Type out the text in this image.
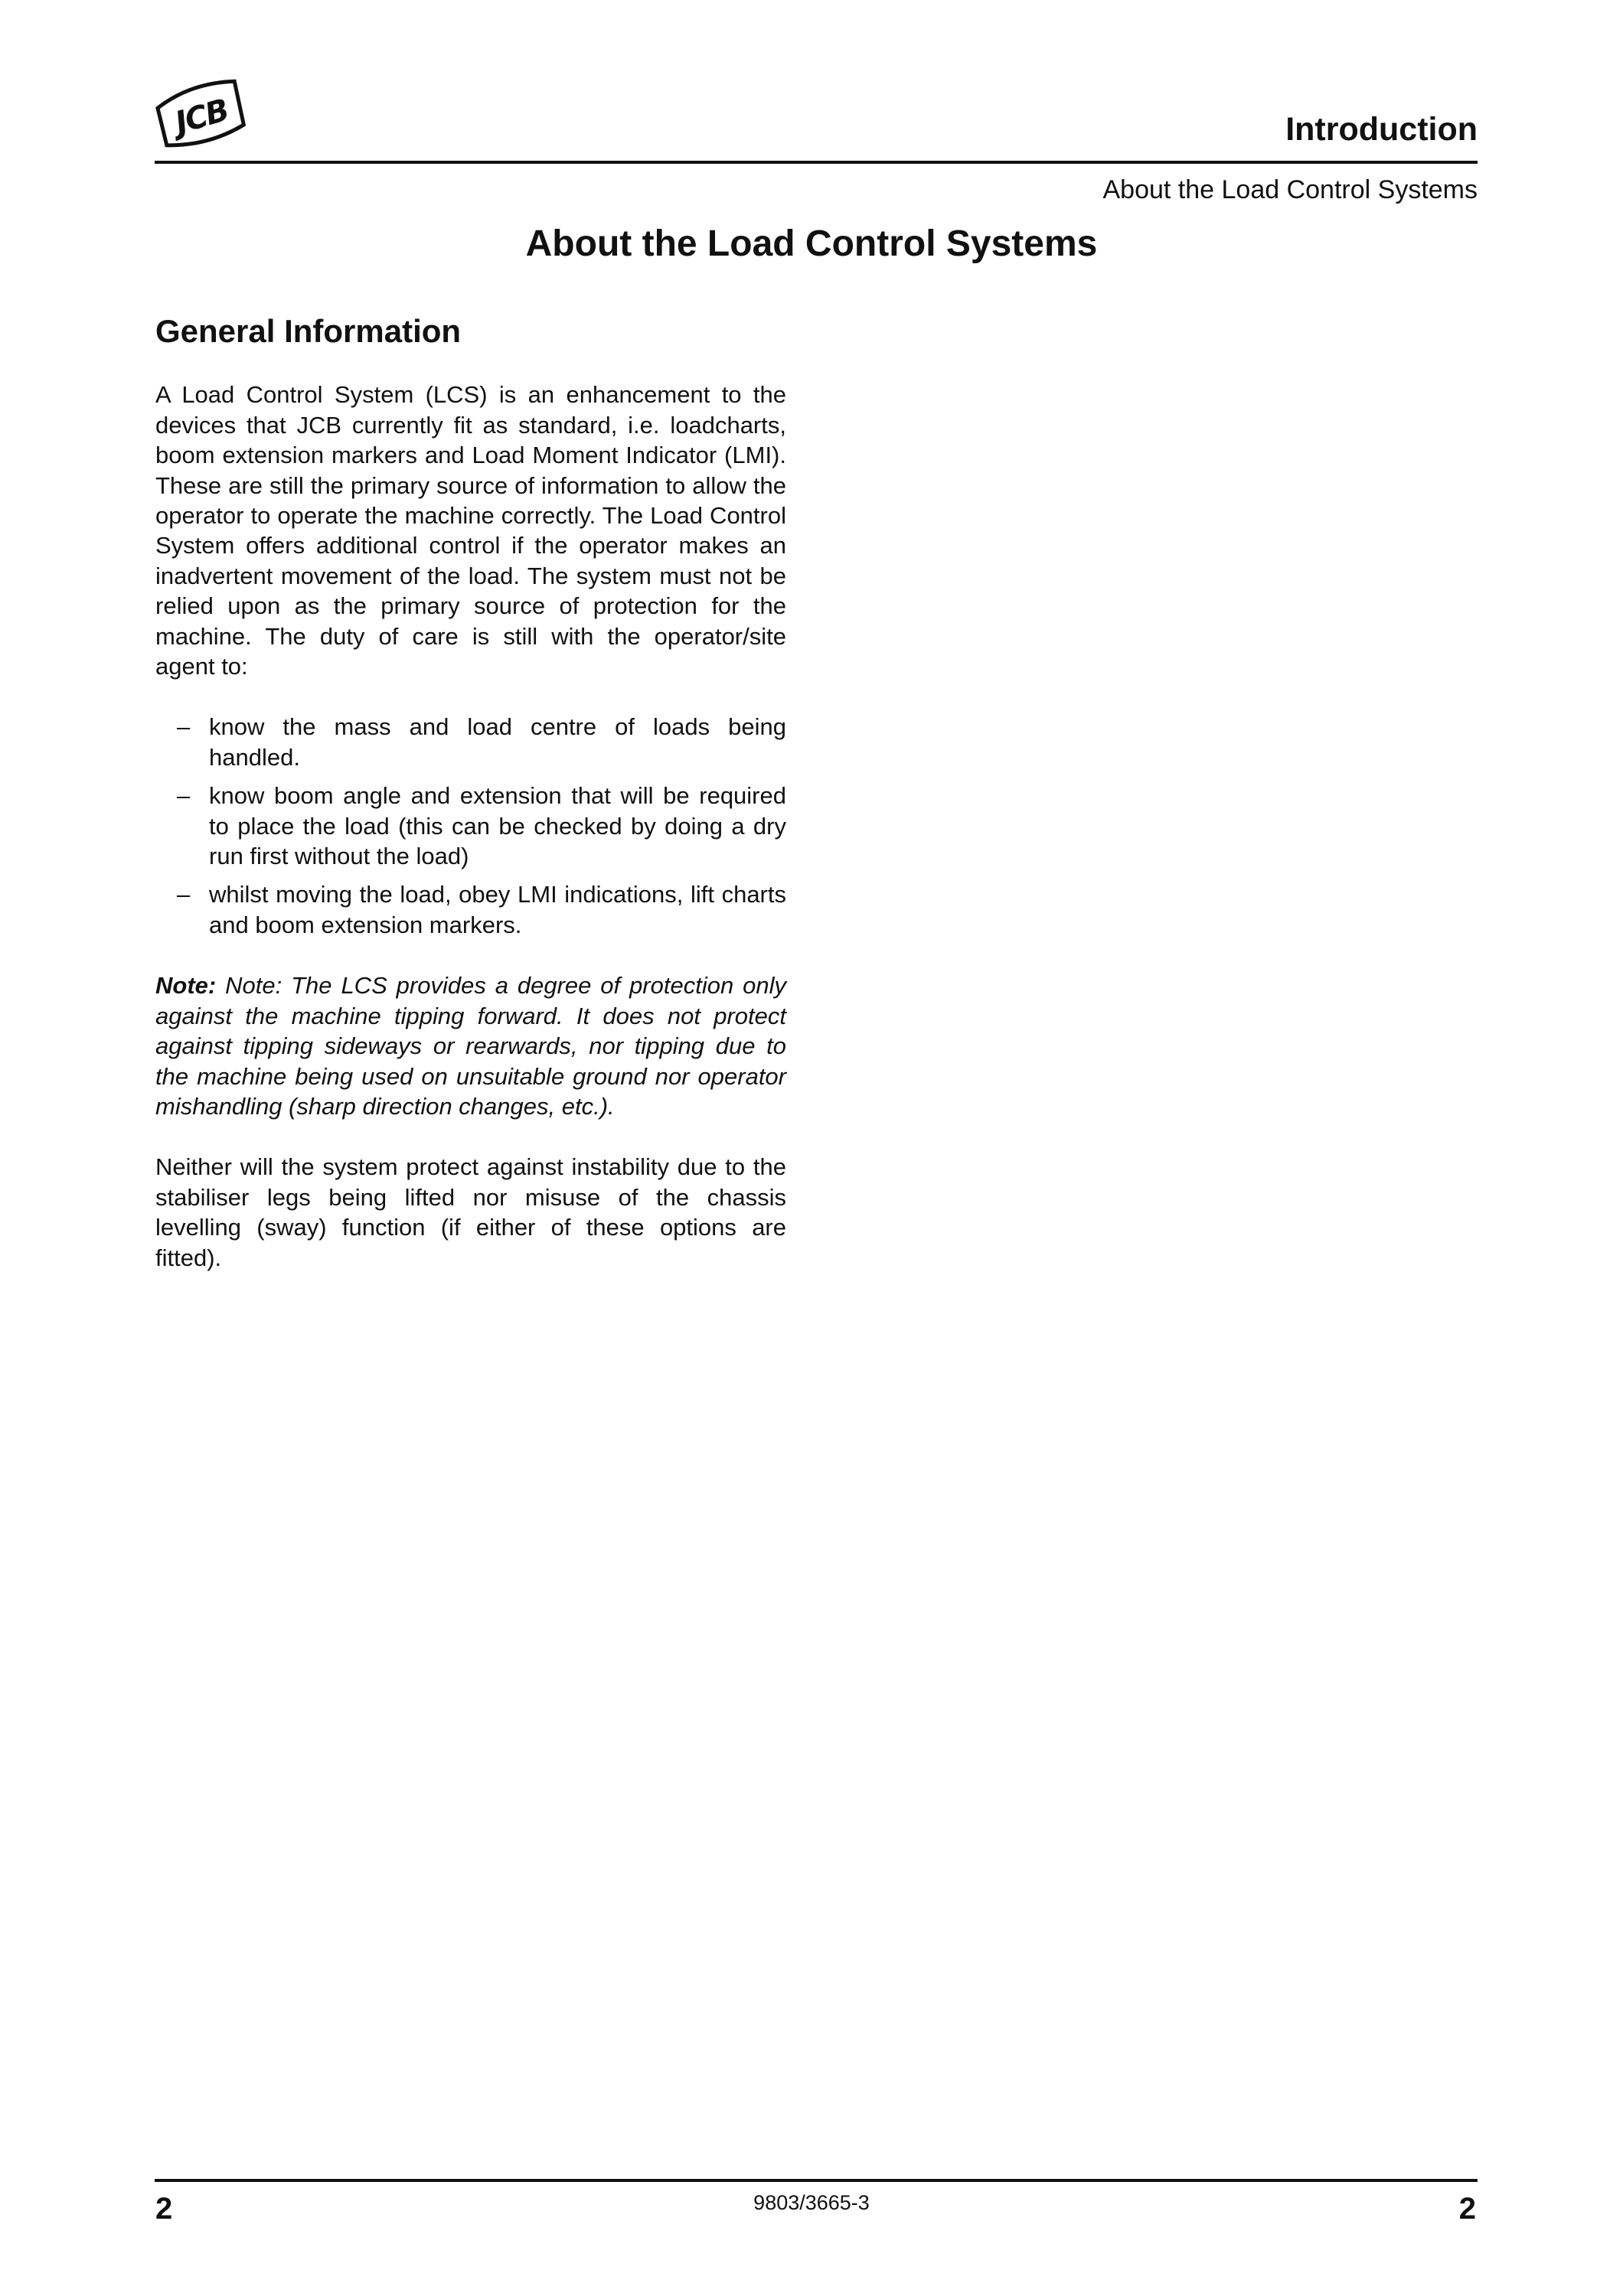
JCB	Introduction
About the Load Control Systems
About the Load Control Systems
General Information

A Load Control System (LCS) is an enhancement to the devices that JCB currently fit as standard, i.e. loadcharts, boom extension markers and Load Moment Indicator (LMI). These are still the primary source of information to allow the operator to operate the machine correctly. The Load Control System offers additional control if the operator makes an inadvertent movement of the load. The system must not be relied upon as the primary source of protection for the machine. The duty of care is still with the operator/site agent to:

– know the mass and load centre of loads being handled.
– know boom angle and extension that will be required to place the load (this can be checked by doing a dry run first without the load)
– whilst moving the load, obey LMI indications, lift charts and boom extension markers.

Note: Note: The LCS provides a degree of protection only against the machine tipping forward. It does not protect against tipping sideways or rearwards, nor tipping due to the machine being used on unsuitable ground nor operator mishandling (sharp direction changes, etc.).

Neither will the system protect against instability due to the stabiliser legs being lifted nor misuse of the chassis levelling (sway) function (if either of these options are fitted).

2	9803/3665-3	2
